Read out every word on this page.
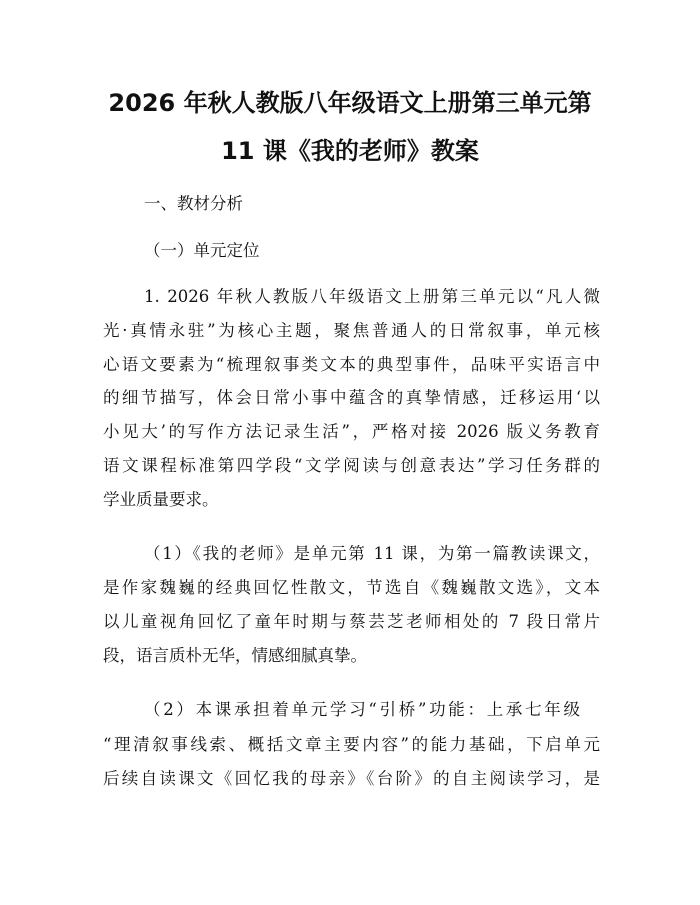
2026 年秋人教版八年级语文上册第三单元第
11 课《我的老师》教案
一、教材分析
（一）单元定位
1. 2026 年秋人教版八年级语文上册第三单元以“凡人微
光·真情永驻”为核心主题，聚焦普通人的日常叙事，单元核
心语文要素为“梳理叙事类文本的典型事件，品味平实语言中
的细节描写，体会日常小事中蕴含的真挚情感，迁移运用‘以
小见大’的写作方法记录生活”，严格对接 2026 版义务教育
语文课程标准第四学段“文学阅读与创意表达”学习任务群的
学业质量要求。
（1）《我的老师》是单元第 11 课，为第一篇教读课文，
是作家魏巍的经典回忆性散文，节选自《魏巍散文选》，文本
以儿童视角回忆了童年时期与蔡芸芝老师相处的 7 段日常片
段，语言质朴无华，情感细腻真挚。
（2）本课承担着单元学习“引桥”功能：上承七年级
“理清叙事线索、概括文章主要内容”的能力基础，下启单元
后续自读课文《回忆我的母亲》《台阶》的自主阅读学习，是
